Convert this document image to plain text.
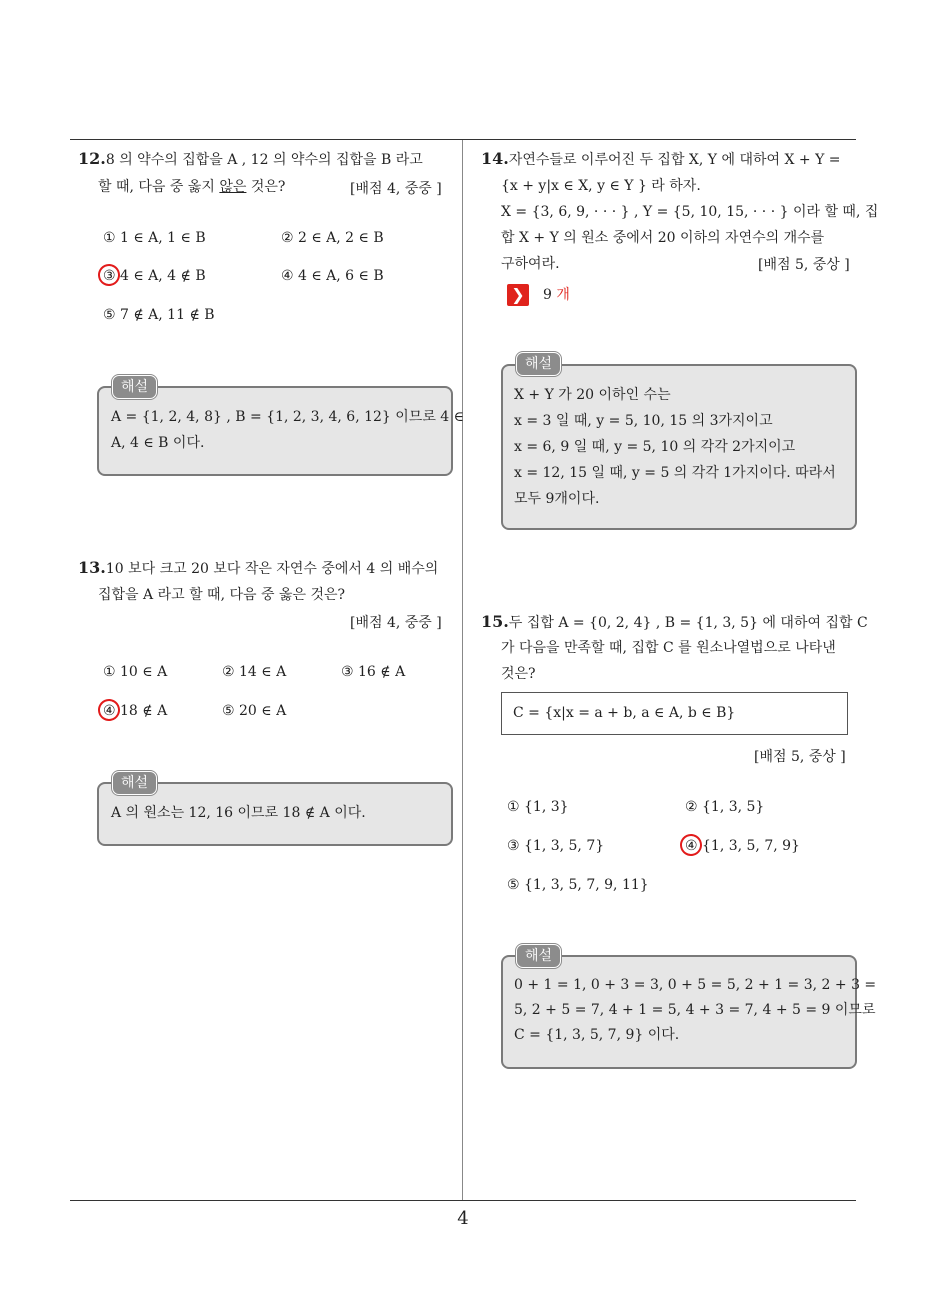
12.8 의 약수의 집합을 A , 12 의 약수의 집합을 B 라고
할 때, 다음 중 옳지 않은 것은?	[배점 4, 중중 ]
① 1 ∈ A, 1 ∈ B	② 2 ∈ A, 2 ∈ B
③ 4 ∈ A, 4 ∉ B	④ 4 ∈ A, 6 ∈ B
⑤ 7 ∉ A, 11 ∉ B
해설
A = {1, 2, 4, 8} , B = {1, 2, 3, 4, 6, 12} 이므로 4 ∈
A, 4 ∈ B 이다.
13.10 보다 크고 20 보다 작은 자연수 중에서 4 의 배수의
집합을 A 라고 할 때, 다음 중 옳은 것은?
[배점 4, 중중 ]
① 10 ∈ A	② 14 ∈ A	③ 16 ∉ A
④ 18 ∉ A	⑤ 20 ∈ A
해설
A 의 원소는 12, 16 이므로 18 ∉ A 이다.
14.자연수들로 이루어진 두 집합 X, Y 에 대하여 X + Y =
{x + y|x ∈ X, y ∈ Y } 라 하자.
X = {3, 6, 9, · · · } , Y = {5, 10, 15, · · · } 이라 할 때, 집
합 X + Y 의 원소 중에서 20 이하의 자연수의 개수를
구하여라.	[배점 5, 중상 ]
❯	9 개
해설
X + Y 가 20 이하인 수는
x = 3 일 때, y = 5, 10, 15 의 3가지이고
x = 6, 9 일 때, y = 5, 10 의 각각 2가지이고
x = 12, 15 일 때, y = 5 의 각각 1가지이다. 따라서
모두 9개이다.
15.두 집합 A = {0, 2, 4} , B = {1, 3, 5} 에 대하여 집합 C
가 다음을 만족할 때, 집합 C 를 원소나열법으로 나타낸
것은?
C = {x|x = a + b, a ∈ A, b ∈ B}
[배점 5, 중상 ]
① {1, 3}	② {1, 3, 5}
③ {1, 3, 5, 7}	④ {1, 3, 5, 7, 9}
⑤ {1, 3, 5, 7, 9, 11}
해설
0 + 1 = 1, 0 + 3 = 3, 0 + 5 = 5, 2 + 1 = 3, 2 + 3 =
5, 2 + 5 = 7, 4 + 1 = 5, 4 + 3 = 7, 4 + 5 = 9 이므로
C = {1, 3, 5, 7, 9} 이다.
4
